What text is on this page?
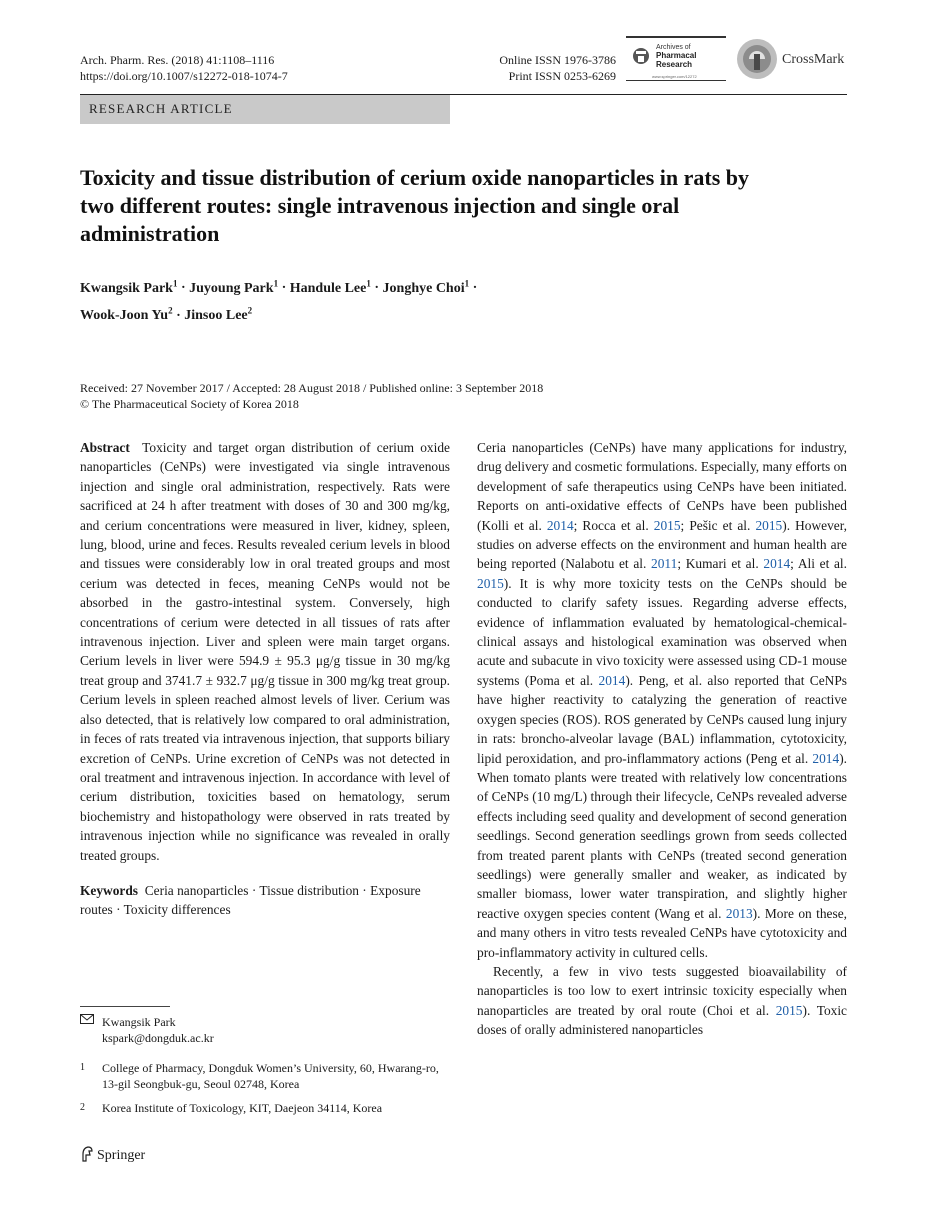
Arch. Pharm. Res. (2018) 41:1108–1116
https://doi.org/10.1007/s12272-018-1074-7
Online ISSN 1976-3786
Print ISSN 0253-6269
Archives of
Pharmacal
Research
www.springer.com/12272
CrossMark
RESEARCH ARTICLE
Toxicity and tissue distribution of cerium oxide nanoparticles in rats by two different routes: single intravenous injection and single oral administration
Kwangsik Park$^1$ · Juyoung Park$^1$ · Handule Lee$^1$ · Jonghye Choi$^1$ ·
Wook-Joon $Yu^2$ · Jinsoo Lee$^2$
Received: 27 November 2017 / Accepted: 28 August 2018 / Published online: 3 September 2018
© The Pharmaceutical Society of Korea 2018

Abstract Toxicity and target organ distribution of cerium oxide nanoparticles (CeNPs) were investigated via single intravenous injection and single oral administration, respectively. Rats were sacrificed at 24 h after treatment with doses of 30 and 300 mg/kg, and cerium concentrations were measured in liver, kidney, spleen, lung, blood, urine and feces. Results revealed cerium levels in blood and tissues were considerably low in oral treated groups and most cerium was detected in feces, meaning CeNPs would not be absorbed in the gastro-intestinal system. Conversely, high concentrations of cerium were detected in all tissues of rats after intravenous injection. Liver and spleen were main target organs. Cerium levels in liver were 594.9 ± 95.3 μg/g tissue in 30 mg/kg treat group and 3741.7 ± 932.7 μg/g tissue in 300 mg/kg treat group. Cerium levels in spleen reached almost levels of liver. Cerium was also detected, that is relatively low compared to oral administration, in feces of rats treated via intravenous injection, that supports biliary excretion of CeNPs. Urine excretion of CeNPs was not detected in oral treatment and intravenous injection. In accordance with level of cerium distribution, toxicities based on hematology, serum biochemistry and histopathology were observed in rats treated by intravenous injection while no significance was revealed in orally treated groups.

Keywords Ceria nanoparticles · Tissue distribution · Exposure routes · Toxicity differences

Kwangsik Park
kspark@dongduk.ac.kr
1 College of Pharmacy, Dongduk Women’s University, 60, Hwarang-ro, 13-gil Seongbuk-gu, Seoul 02748, Korea
2 Korea Institute of Toxicology, KIT, Daejeon 34114, Korea

Ceria nanoparticles (CeNPs) have many applications for industry, drug delivery and cosmetic formulations. Especially, many efforts on development of safe therapeutics using CeNPs have been initiated. Reports on anti-oxidative effects of CeNPs have been published (Kolli et al. 2014; Rocca et al. 2015; Pešic et al. 2015). However, studies on adverse effects on the environment and human health are being reported (Nalabotu et al. 2011; Kumari et al. 2014; Ali et al. 2015). It is why more toxicity tests on the CeNPs should be conducted to clarify safety issues. Regarding adverse effects, evidence of inflammation evaluated by hematological-chemical-clinical assays and histological examination was observed when acute and subacute in vivo toxicity were assessed using CD-1 mouse systems (Poma et al. 2014). Peng, et al. also reported that CeNPs have higher reactivity to catalyzing the generation of reactive oxygen species (ROS). ROS generated by CeNPs caused lung injury in rats: broncho-alveolar lavage (BAL) inflammation, cytotoxicity, lipid peroxidation, and pro-inflammatory actions (Peng et al. 2014). When tomato plants were treated with relatively low concentrations of CeNPs (10 mg/L) through their lifecycle, CeNPs revealed adverse effects including seed quality and development of second generation seedlings. Second generation seedlings grown from seeds collected from treated parent plants with CeNPs (treated second generation seedlings) were generally smaller and weaker, as indicated by smaller biomass, lower water transpiration, and slightly higher reactive oxygen species content (Wang et al. 2013). More on these, and many others in vitro tests revealed CeNPs have cytotoxicity and pro-inflammatory activity in cultured cells.

Recently, a few in vivo tests suggested bioavailability of nanoparticles is too low to exert intrinsic toxicity especially when nanoparticles are treated by oral route (Choi et al. 2015). Toxic doses of orally administered nanoparticles

Springer
